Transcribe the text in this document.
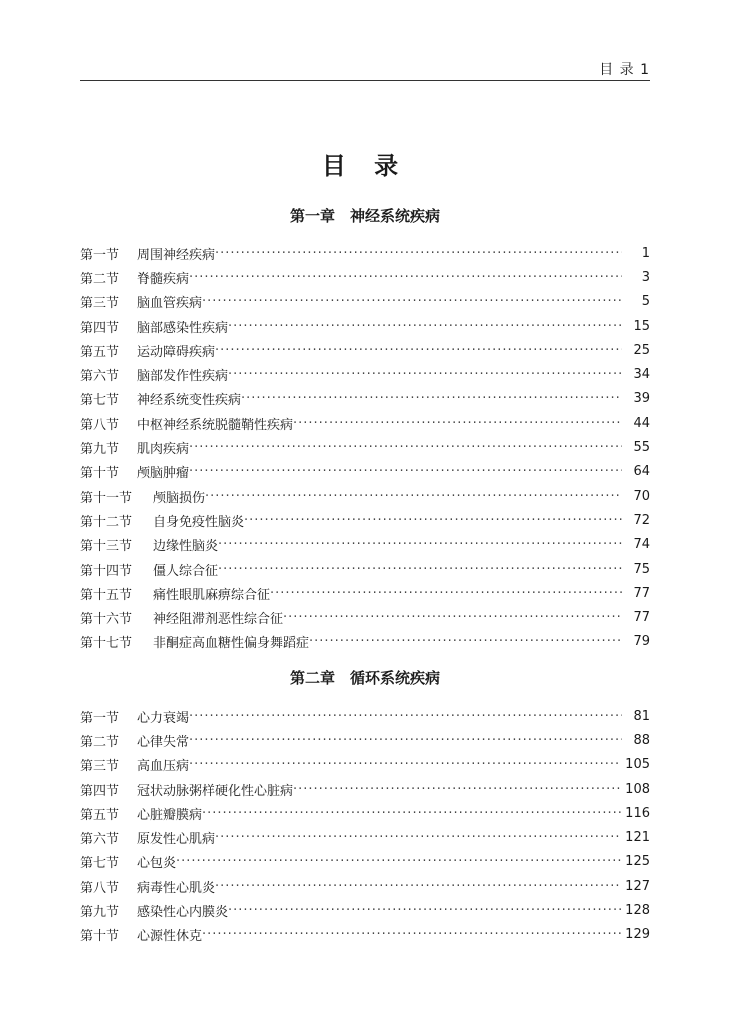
目 录 1
目 录
第一章　神经系统疾病
第一节	周围神经疾病 ·····	1
第二节	脊髓疾病 ·····	3
第三节	脑血管疾病 ·····	5
第四节	脑部感染性疾病 ·····	15
第五节	运动障碍疾病 ·····	25
第六节	脑部发作性疾病 ·····	34
第七节	神经系统变性疾病 ·····	39
第八节	中枢神经系统脱髓鞘性疾病 ·····	44
第九节	肌肉疾病 ·····	55
第十节	颅脑肿瘤 ·····	64
第十一节	颅脑损伤 ·····	70
第十二节	自身免疫性脑炎 ·····	72
第十三节	边缘性脑炎 ·····	74
第十四节	僵人综合征 ·····	75
第十五节	痛性眼肌麻痹综合征 ·····	77
第十六节	神经阻滞剂恶性综合征 ·····	77
第十七节	非酮症高血糖性偏身舞蹈症 ·····	79
第二章　循环系统疾病
第一节	心力衰竭 ·····	81
第二节	心律失常 ·····	88
第三节	高血压病 ·····	105
第四节	冠状动脉粥样硬化性心脏病 ·····	108
第五节	心脏瓣膜病 ·····	116
第六节	原发性心肌病 ·····	121
第七节	心包炎 ·····	125
第八节	病毒性心肌炎 ·····	127
第九节	感染性心内膜炎 ·····	128
第十节	心源性休克 ·····	129
